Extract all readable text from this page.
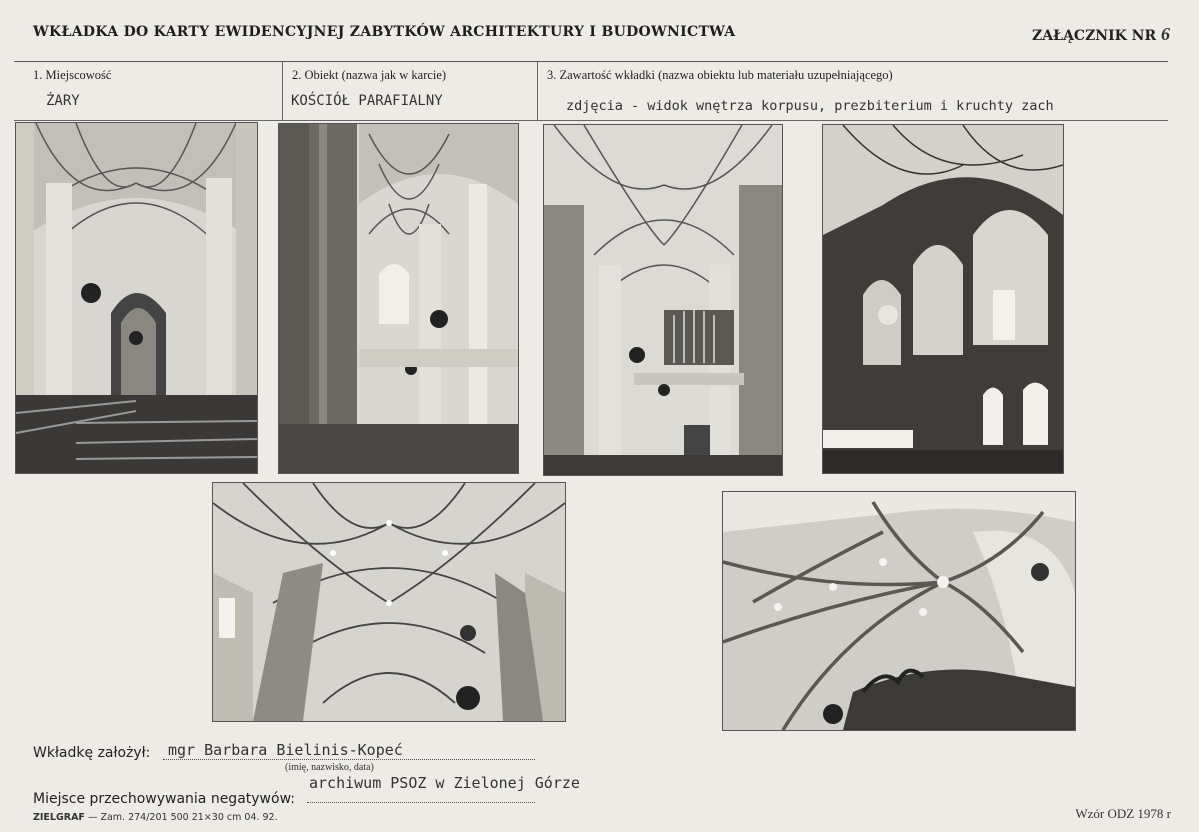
WKŁADKA DO KARTY EWIDENCYJNEJ ZABYTKÓW ARCHITEKTURY I BUDOWNICTWA	ZAŁĄCZNIK NR 6
1. Miejscowość
ŻARY
2. Obiekt (nazwa jak w karcie)
KOŚCIÓŁ PARAFIALNY
3. Zawartość wkładki (nazwa obiektu lub materiału uzupełniającego)
zdjęcia - widok wnętrza korpusu, prezbiterium i kruchty zach
Wkładkę założył: mgr Barbara Bielinis-Kopeć
(imię, nazwisko, data)
archiwum PSOZ w Zielonej Górze
Miejsce przechowywania negatywów:
ZIELGRAF — Zam. 274/201 500 21×30 cm 04. 92.	Wzór ODZ 1978 r
